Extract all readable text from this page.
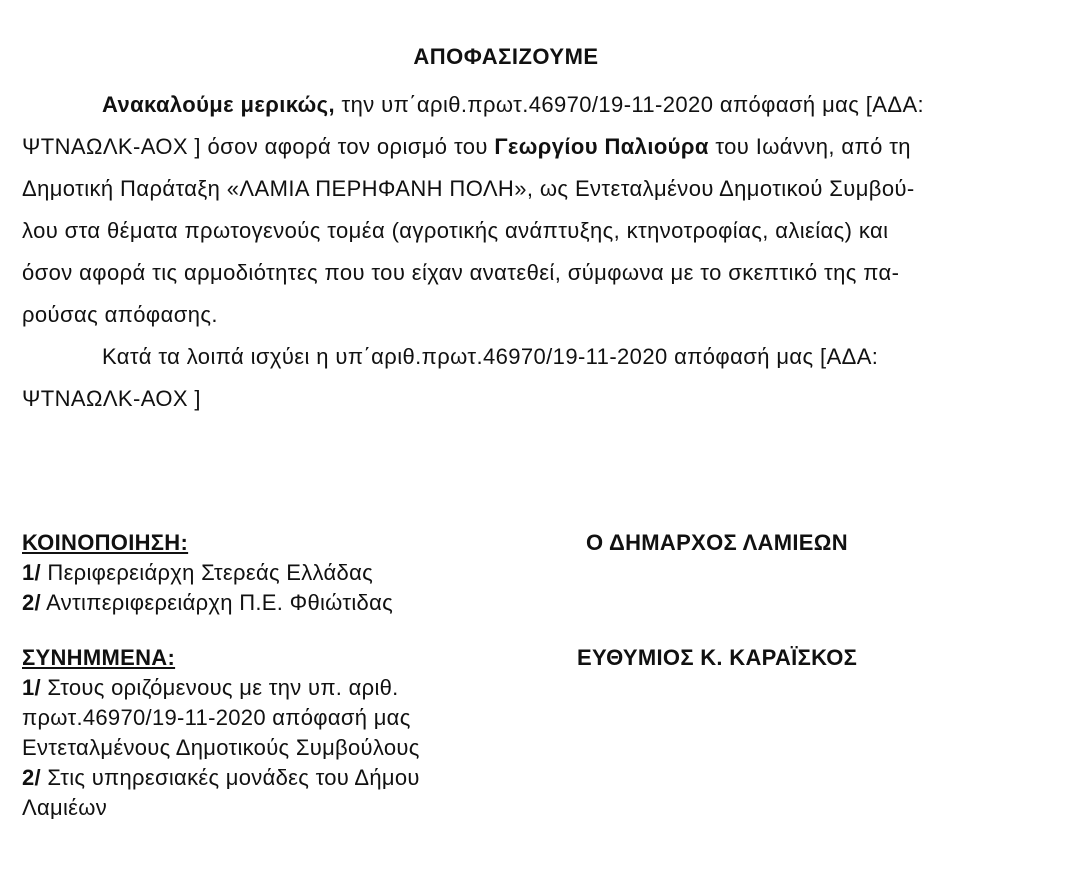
ΑΠΟΦΑΣΙΖΟΥΜΕ
Ανακαλούμε μερικώς, την υπ΄αριθ.πρωτ.46970/19-11-2020 απόφασή μας [ΑΔΑ:
ΨΤΝΑΩΛΚ-ΑΟΧ ] όσον αφορά τον ορισμό του Γεωργίου Παλιούρα του Ιωάννη, από τη
Δημοτική Παράταξη «ΛΑΜΙΑ ΠΕΡΗΦΑΝΗ ΠΟΛΗ», ως Εντεταλμένου Δημοτικού Συμβού-
λου στα θέματα πρωτογενούς τομέα (αγροτικής ανάπτυξης, κτηνοτροφίας, αλιείας) και
όσον αφορά τις αρμοδιότητες που του είχαν ανατεθεί, σύμφωνα με το σκεπτικό της πα-
ρούσας απόφασης.
Κατά τα λοιπά ισχύει η υπ΄αριθ.πρωτ.46970/19-11-2020 απόφασή μας [ΑΔΑ:
ΨΤΝΑΩΛΚ-ΑΟΧ ]
ΚΟΙΝΟΠΟΙΗΣΗ:
1/ Περιφερειάρχη Στερεάς Ελλάδας
2/ Αντιπεριφερειάρχη Π.Ε. Φθιώτιδας
ΣΥΝΗΜΜΕΝΑ:
1/ Στους οριζόμενους με την υπ. αριθ.
πρωτ.46970/19-11-2020 απόφασή μας
Εντεταλμένους Δημοτικούς Συμβούλους
2/ Στις υπηρεσιακές μονάδες του Δήμου
Λαμιέων
Ο ΔΗΜΑΡΧΟΣ ΛΑΜΙΕΩΝ
ΕΥΘΥΜΙΟΣ Κ. ΚΑΡΑΪΣΚΟΣ
